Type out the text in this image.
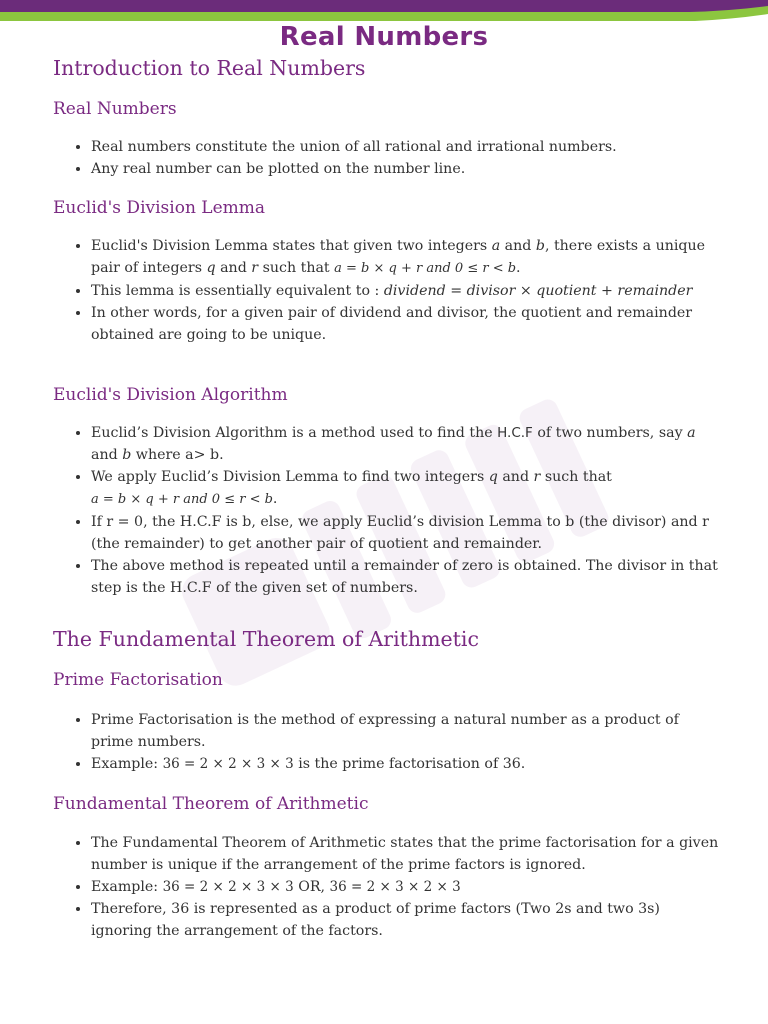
Real Numbers
Introduction to Real Numbers
Real Numbers
• Real numbers constitute the union of all rational and irrational numbers.
• Any real number can be plotted on the number line.
Euclid's Division Lemma
• Euclid's Division Lemma states that given two integers a and b, there exists a unique pair of integers q and r such that a = b × q + r and 0 ≤ r < b.
• This lemma is essentially equivalent to : dividend = divisor × quotient + remainder
• In other words, for a given pair of dividend and divisor, the quotient and remainder obtained are going to be unique.
Euclid's Division Algorithm
• Euclid’s Division Algorithm is a method used to find the H.C.F of two numbers, say a and b where a> b.
• We apply Euclid’s Division Lemma to find two integers q and r such that
a = b × q + r and 0 ≤ r < b.
• If r = 0, the H.C.F is b, else, we apply Euclid’s division Lemma to b (the divisor) and r (the remainder) to get another pair of quotient and remainder.
• The above method is repeated until a remainder of zero is obtained. The divisor in that step is the H.C.F of the given set of numbers.
The Fundamental Theorem of Arithmetic
Prime Factorisation
• Prime Factorisation is the method of expressing a natural number as a product of prime numbers.
• Example: 36 = 2 × 2 × 3 × 3 is the prime factorisation of 36.
Fundamental Theorem of Arithmetic
• The Fundamental Theorem of Arithmetic states that the prime factorisation for a given number is unique if the arrangement of the prime factors is ignored.
• Example: 36 = 2 × 2 × 3 × 3 OR, 36 = 2 × 3 × 2 × 3
• Therefore, 36 is represented as a product of prime factors (Two 2s and two 3s) ignoring the arrangement of the factors.
